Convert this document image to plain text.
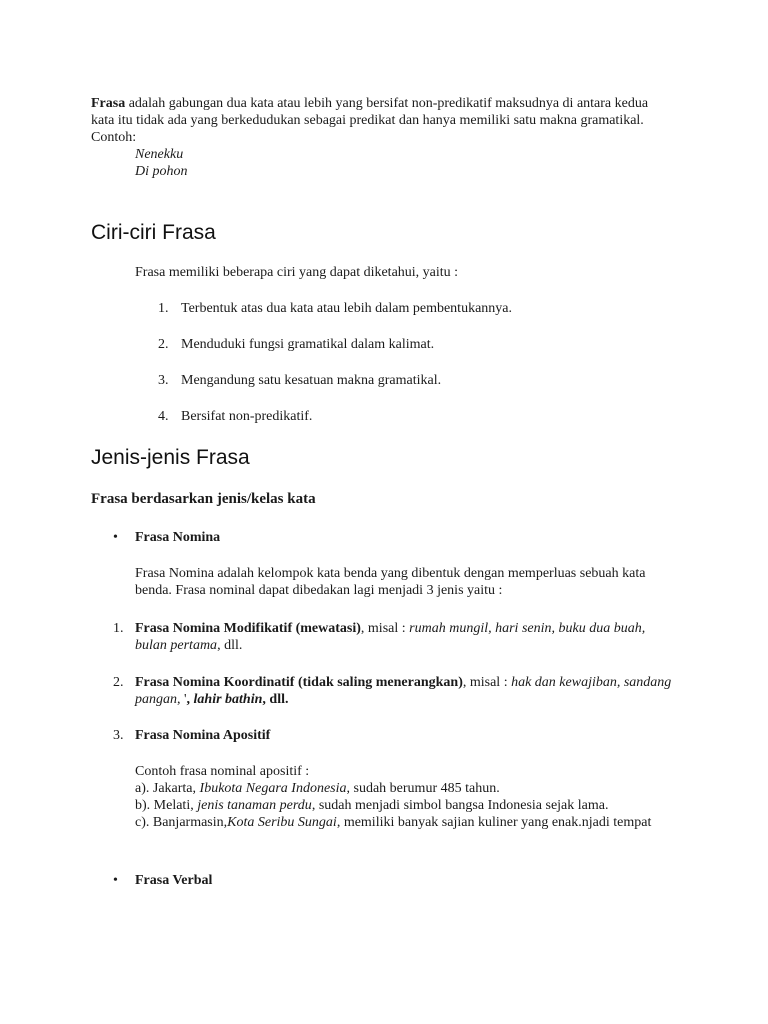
Frasa adalah gabungan dua kata atau lebih yang bersifat non-predikatif maksudnya di antara kedua kata itu tidak ada yang berkedudukan sebagai predikat dan hanya memiliki satu makna gramatikal.

Contoh:

Nenekku

Di pohon

Ciri-ciri Frasa

Frasa memiliki beberapa ciri yang dapat diketahui, yaitu :

1. Terbentuk atas dua kata atau lebih dalam pembentukannya.
2. Menduduki fungsi gramatikal dalam kalimat.
3. Mengandung satu kesatuan makna gramatikal.
4. Bersifat non-predikatif.
Jenis-jenis Frasa
Frasa berdasarkan jenis/kelas kata
• Frasa Nomina

Frasa Nomina adalah kelompok kata benda yang dibentuk dengan memperluas sebuah kata benda. Frasa nominal dapat dibedakan lagi menjadi 3 jenis yaitu :

1. Frasa Nomina Modifikatif (mewatasi), misal : rumah mungil, hari senin, buku dua buah, bulan pertama, dll.

2. Frasa Nomina Koordinatif (tidak saling menerangkan), misal : hak dan kewajiban, sandang pangan, ', lahir bathin, dll.

3. Frasa Nomina Apositif

Contoh frasa nominal apositif :

a). Jakarta, Ibukota Negara Indonesia, sudah berumur 485 tahun.

b). Melati, jenis tanaman perdu, sudah menjadi simbol bangsa Indonesia sejak lama.

c). Banjarmasin,Kota Seribu Sungai, memiliki banyak sajian kuliner yang enak.njadi tempat

• Frasa Verbal
